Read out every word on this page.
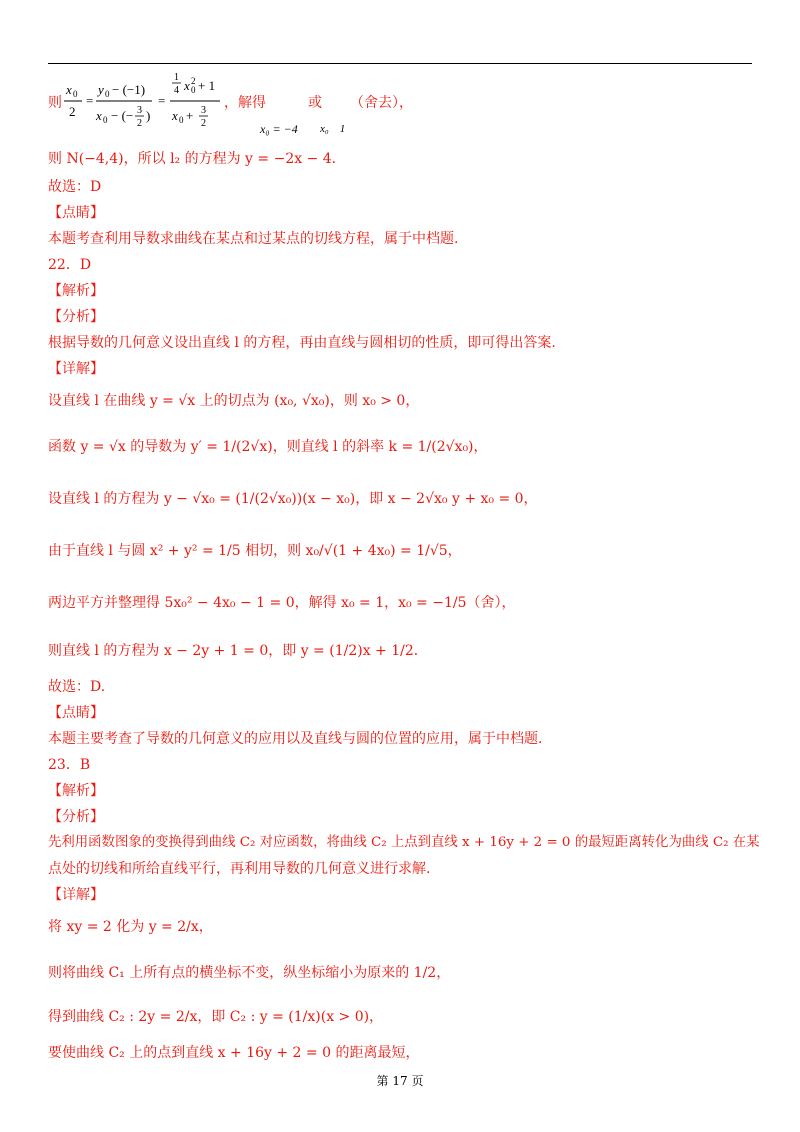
则
x 0
2
=
y 0 − (−1)
x 0 − (− 3
2
)
=
1
4 x 0
2 + 1
x 0 + 3
2
，解得	或 （舍去），
x₀ = −4 x₀　1
则 N(−4,4)，所以 l₂ 的方程为 y = −2x − 4．
故选：D
【点睛】
本题考查利用导数求曲线在某点和过某点的切线方程，属于中档题.
22．D
【解析】
【分析】
根据导数的几何意义设出直线 l 的方程，再由直线与圆相切的性质，即可得出答案.
【详解】
设直线 l 在曲线 y = √x 上的切点为 (x₀, √x₀)，则 x₀ > 0，
函数 y = √x 的导数为 y′ = 1/(2√x)，则直线 l 的斜率 k = 1/(2√x₀)，
设直线 l 的方程为 y − √x₀ = (1/(2√x₀))(x − x₀)，即 x − 2√x₀ y + x₀ = 0，
由于直线 l 与圆 x² + y² = 1/5 相切，则 x₀/√(1 + 4x₀) = 1/√5，
两边平方并整理得 5x₀² − 4x₀ − 1 = 0，解得 x₀ = 1，x₀ = −1/5（舍），
则直线 l 的方程为 x − 2y + 1 = 0，即 y = (1/2)x + 1/2．
故选：D.
【点睛】
本题主要考查了导数的几何意义的应用以及直线与圆的位置的应用，属于中档题.
23．B
【解析】
【分析】
先利用函数图象的变换得到曲线 C₂ 对应函数，将曲线 C₂ 上点到直线 x + 16y + 2 = 0 的最短距离转化为曲线 C₂ 在某
点处的切线和所给直线平行，再利用导数的几何意义进行求解.
【详解】
将 xy = 2 化为 y = 2/x，
则将曲线 C₁ 上所有点的横坐标不变，纵坐标缩小为原来的 1/2，
得到曲线 C₂ : 2y = 2/x，即 C₂ : y = (1/x)(x > 0)，
要使曲线 C₂ 上的点到直线 x + 16y + 2 = 0 的距离最短，
第 17 页
